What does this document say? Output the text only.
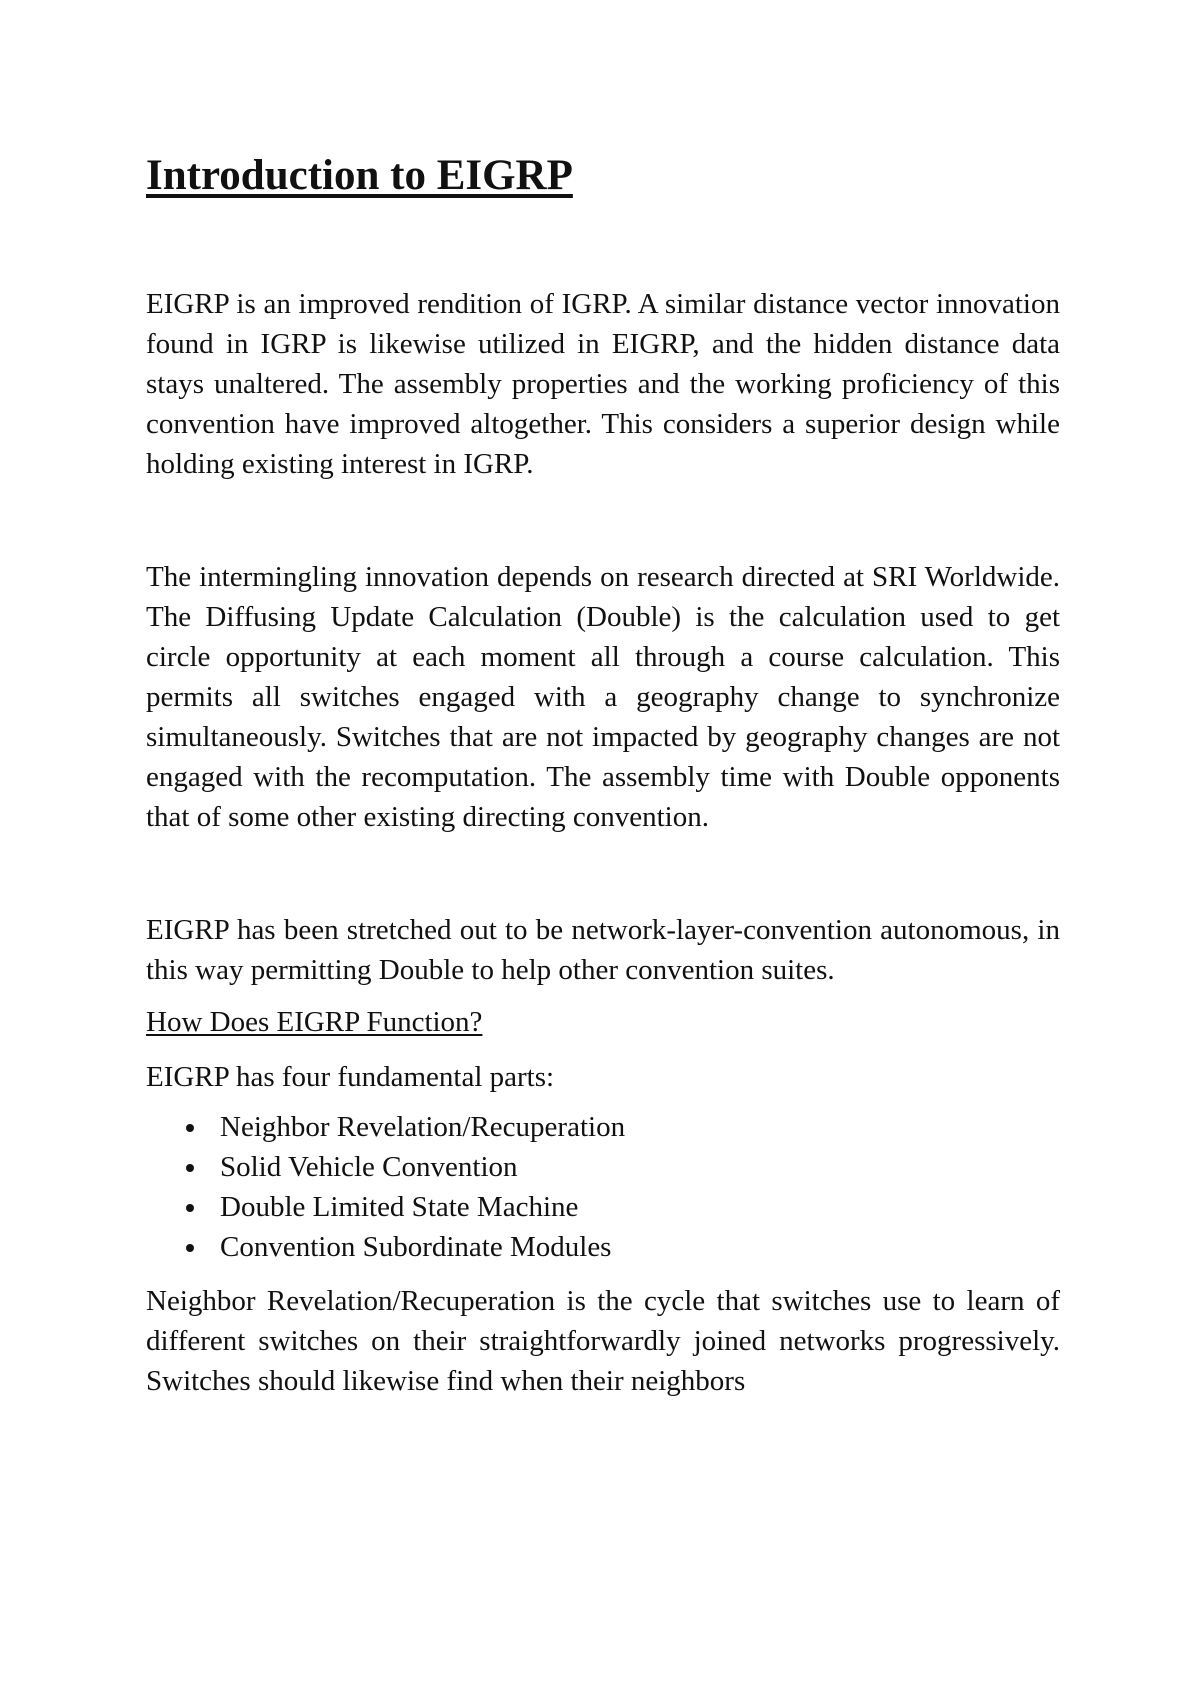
Introduction to EIGRP

EIGRP is an improved rendition of IGRP. A similar distance vector innovation found in IGRP is likewise utilized in EIGRP, and the hidden distance data stays unaltered. The assembly properties and the working proficiency of this convention have improved altogether. This considers a superior design while holding existing interest in IGRP.

The intermingling innovation depends on research directed at SRI Worldwide. The Diffusing Update Calculation (Double) is the calculation used to get circle opportunity at each moment all through a course calculation. This permits all switches engaged with a geography change to synchronize simultaneously. Switches that are not impacted by geography changes are not engaged with the recomputation. The assembly time with Double opponents that of some other existing directing convention.

EIGRP has been stretched out to be network-layer-convention autonomous, in this way permitting Double to help other convention suites.

How Does EIGRP Function?

EIGRP has four fundamental parts:

Neighbor Revelation/Recuperation
Solid Vehicle Convention
Double Limited State Machine
Convention Subordinate Modules

Neighbor Revelation/Recuperation is the cycle that switches use to learn of different switches on their straightforwardly joined networks progressively. Switches should likewise find when their neighbors
